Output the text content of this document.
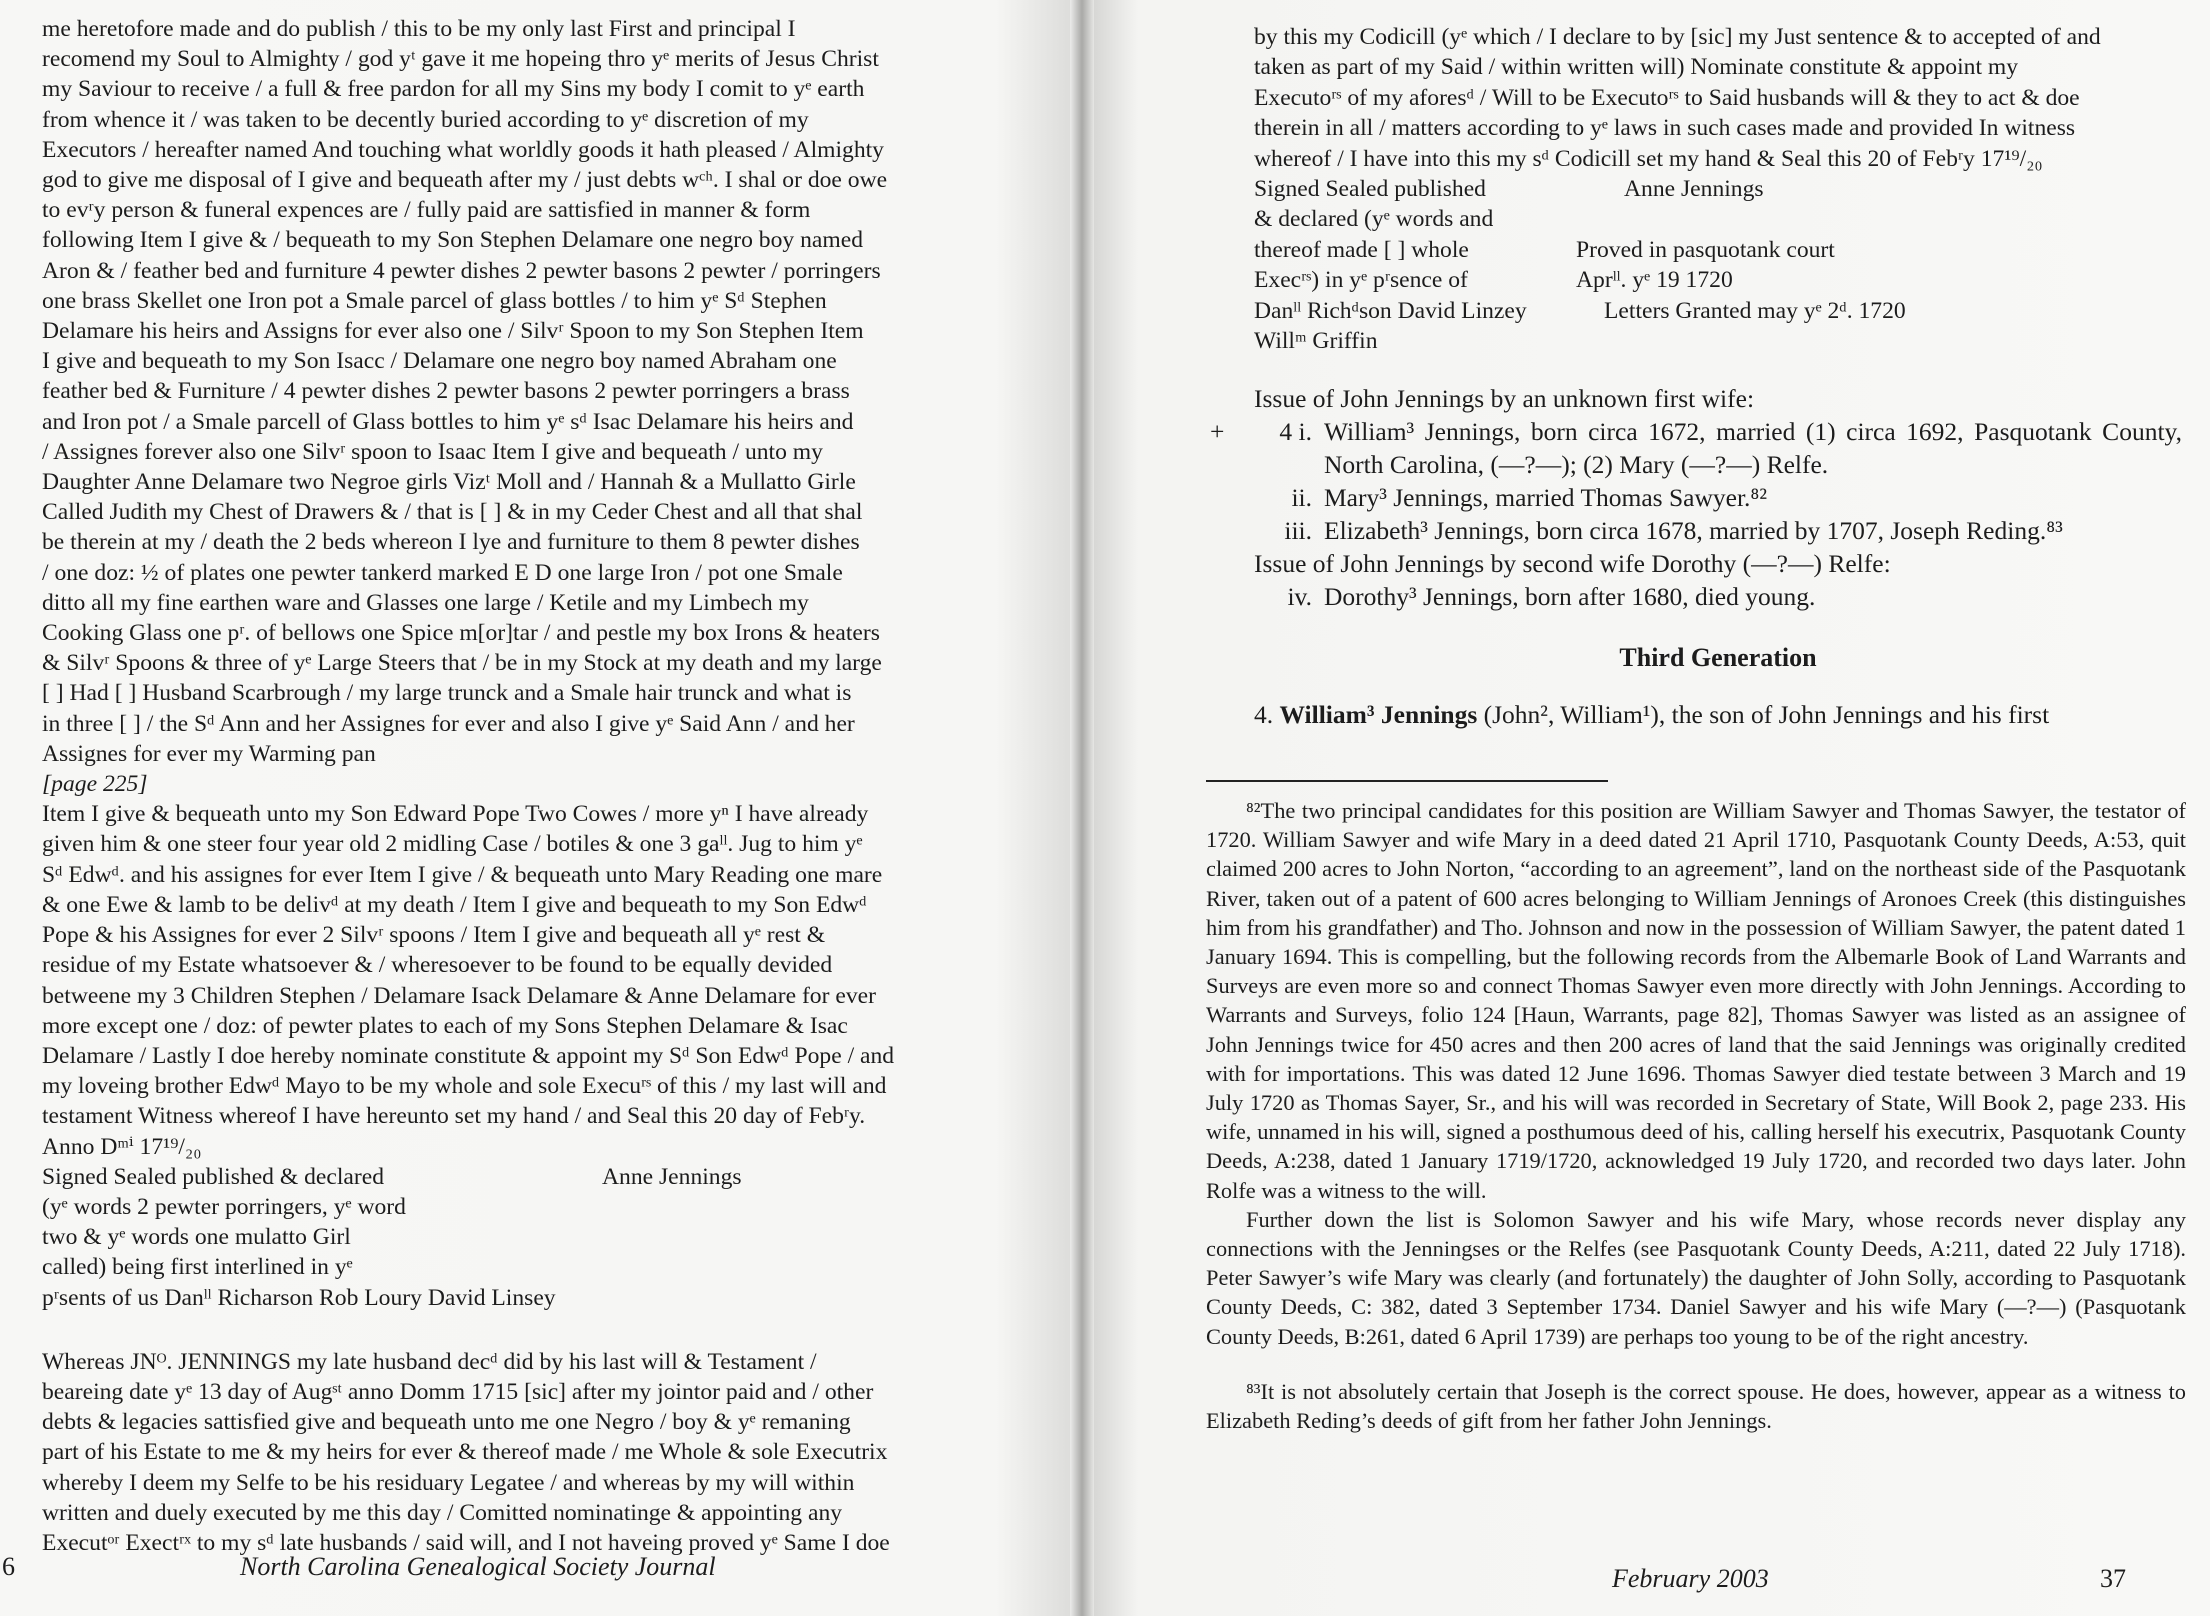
me heretofore made and do publish / this to be my only last First and principal I
recomend my Soul to Almighty / god yᵗ gave it me hopeing thro yᵉ merits of Jesus Christ
my Saviour to receive / a full & free pardon for all my Sins my body I comit to yᵉ earth
from whence it / was taken to be decently buried according to yᵉ discretion of my
Executors / hereafter named And touching what worldly goods it hath pleased / Almighty
god to give me disposal of I give and bequeath after my / just debts wᶜʰ. I shal or doe owe
to evʳy person & funeral expences are / fully paid are sattisfied in manner & form
following Item I give & / bequeath to my Son Stephen Delamare one negro boy named
Aron & / feather bed and furniture 4 pewter dishes 2 pewter basons 2 pewter / porringers
one brass Skellet one Iron pot a Smale parcel of glass bottles / to him yᵉ Sᵈ Stephen
Delamare his heirs and Assigns for ever also one / Silvʳ Spoon to my Son Stephen Item
I give and bequeath to my Son Isacc / Delamare one negro boy named Abraham one
feather bed & Furniture / 4 pewter dishes 2 pewter basons 2 pewter porringers a brass
and Iron pot / a Smale parcell of Glass bottles to him yᵉ sᵈ Isac Delamare his heirs and
/ Assignes forever also one Silvʳ spoon to Isaac Item I give and bequeath / unto my
Daughter Anne Delamare two Negroe girls Vizᵗ Moll and / Hannah & a Mullatto Girle
Called Judith my Chest of Drawers & / that is [ ] & in my Ceder Chest and all that shal
be therein at my / death the 2 beds whereon I lye and furniture to them 8 pewter dishes
/ one doz: ½ of plates one pewter tankerd marked E D one large Iron / pot one Smale
ditto all my fine earthen ware and Glasses one large / Ketile and my Limbech my
Cooking Glass one pʳ. of bellows one Spice m[or]tar / and pestle my box Irons & heaters
& Silvʳ Spoons & three of yᵉ Large Steers that / be in my Stock at my death and my large
[ ] Had [ ] Husband Scarbrough / my large trunck and a Smale hair trunck and what is
in three [ ] / the Sᵈ Ann and her Assignes for ever and also I give yᵉ Said Ann / and her
Assignes for ever my Warming pan
[page 225]
Item I give & bequeath unto my Son Edward Pope Two Cowes / more yⁿ I have already
given him & one steer four year old 2 midling Case / botiles & one 3 gaˡˡ. Jug to him yᵉ
Sᵈ Edwᵈ. and his assignes for ever Item I give / & bequeath unto Mary Reading one mare
& one Ewe & lamb to be delivᵈ at my death / Item I give and bequeath to my Son Edwᵈ
Pope & his Assignes for ever 2 Silvʳ spoons / Item I give and bequeath all yᵉ rest &
residue of my Estate whatsoever & / wheresoever to be found to be equally devided
betweene my 3 Children Stephen / Delamare Isack Delamare & Anne Delamare for ever
more except one / doz: of pewter plates to each of my Sons Stephen Delamare & Isac
Delamare / Lastly I doe hereby nominate constitute & appoint my Sᵈ Son Edwᵈ Pope / and
my loveing brother Edwᵈ Mayo to be my whole and sole Execuʳˢ of this / my last will and
testament Witness whereof I have hereunto set my hand / and Seal this 20 day of Febʳy.
Anno Dᵐⁱ 17¹⁹/₂₀
Signed Sealed published & declared
(yᵉ words 2 pewter porringers, yᵉ word
two & yᵉ words one mulatto Girl
called) being first interlined in yᵉ
pʳsents of us Danˡˡ Richarson Rob Loury David Linsey
Anne Jennings
Whereas JNᴼ. JENNINGS my late husband decᵈ did by his last will & Testament /
beareing date yᵉ 13 day of Augˢᵗ anno Domm 1715 [sic] after my jointor paid and / other
debts & legacies sattisfied give and bequeath unto me one Negro / boy & yᵉ remaning
part of his Estate to me & my heirs for ever & thereof made / me Whole & sole Executrix
whereby I deem my Selfe to be his residuary Legatee / and whereas by my will within
written and duely executed by me this day / Comitted nominatinge & appointing any
Executᵒʳ Exectʳˣ to my sᵈ late husbands / said will, and I not haveing proved yᵉ Same I doe
6	North Carolina Genealogical Society Journal
by this my Codicill (yᵉ which / I declare to by [sic] my Just sentence & to accepted of and
taken as part of my Said / within written will) Nominate constitute & appoint my
Executoʳˢ of my aforesᵈ / Will to be Executoʳˢ to Said husbands will & they to act & doe
therein in all / matters according to yᵉ laws in such cases made and provided In witness
whereof / I have into this my sᵈ Codicill set my hand & Seal this 20 of Febʳy 17¹⁹/₂₀
Signed Sealed published	Anne Jennings
& declared (yᵉ words and
thereof made [ ] whole	Proved in pasquotank court
Execʳˢ) in yᵉ pʳsence of	Aprˡˡ. yᵉ 19 1720
Danˡˡ Richᵈson David Linzey	Letters Granted may yᵉ 2ᵈ. 1720
Willᵐ Griffin
Issue of John Jennings by an unknown first wife:
+	4 i. William³ Jennings, born circa 1672, married (1) circa 1692, Pasquotank County, North Carolina, (—?—); (2) Mary (—?—) Relfe.
ii. Mary³ Jennings, married Thomas Sawyer.⁸²
iii. Elizabeth³ Jennings, born circa 1678, married by 1707, Joseph Reding.⁸³
Issue of John Jennings by second wife Dorothy (—?—) Relfe:
iv. Dorothy³ Jennings, born after 1680, died young.
Third Generation
4. William³ Jennings (John², William¹), the son of John Jennings and his first

⁸²The two principal candidates for this position are William Sawyer and Thomas Sawyer, the testator of 1720. William Sawyer and wife Mary in a deed dated 21 April 1710, Pasquotank County Deeds, A:53, quit claimed 200 acres to John Norton, “according to an agreement”, land on the northeast side of the Pasquotank River, taken out of a patent of 600 acres belonging to William Jennings of Aronoes Creek (this distinguishes him from his grandfather) and Tho. Johnson and now in the possession of William Sawyer, the patent dated 1 January 1694. This is compelling, but the following records from the Albemarle Book of Land Warrants and Surveys are even more so and connect Thomas Sawyer even more directly with John Jennings. According to Warrants and Surveys, folio 124 [Haun, Warrants, page 82], Thomas Sawyer was listed as an assignee of John Jennings twice for 450 acres and then 200 acres of land that the said Jennings was originally credited with for importations. This was dated 12 June 1696. Thomas Sawyer died testate between 3 March and 19 July 1720 as Thomas Sayer, Sr., and his will was recorded in Secretary of State, Will Book 2, page 233. His wife, unnamed in his will, signed a posthumous deed of his, calling herself his executrix, Pasquotank County Deeds, A:238, dated 1 January 1719/1720, acknowledged 19 July 1720, and recorded two days later. John Rolfe was a witness to the will.

Further down the list is Solomon Sawyer and his wife Mary, whose records never display any connections with the Jenningses or the Relfes (see Pasquotank County Deeds, A:211, dated 22 July 1718). Peter Sawyer’s wife Mary was clearly (and fortunately) the daughter of John Solly, according to Pasquotank County Deeds, C: 382, dated 3 September 1734. Daniel Sawyer and his wife Mary (—?—) (Pasquotank County Deeds, B:261, dated 6 April 1739) are perhaps too young to be of the right ancestry.

⁸³It is not absolutely certain that Joseph is the correct spouse. He does, however, appear as a witness to Elizabeth Reding’s deeds of gift from her father John Jennings.

February 2003	37
